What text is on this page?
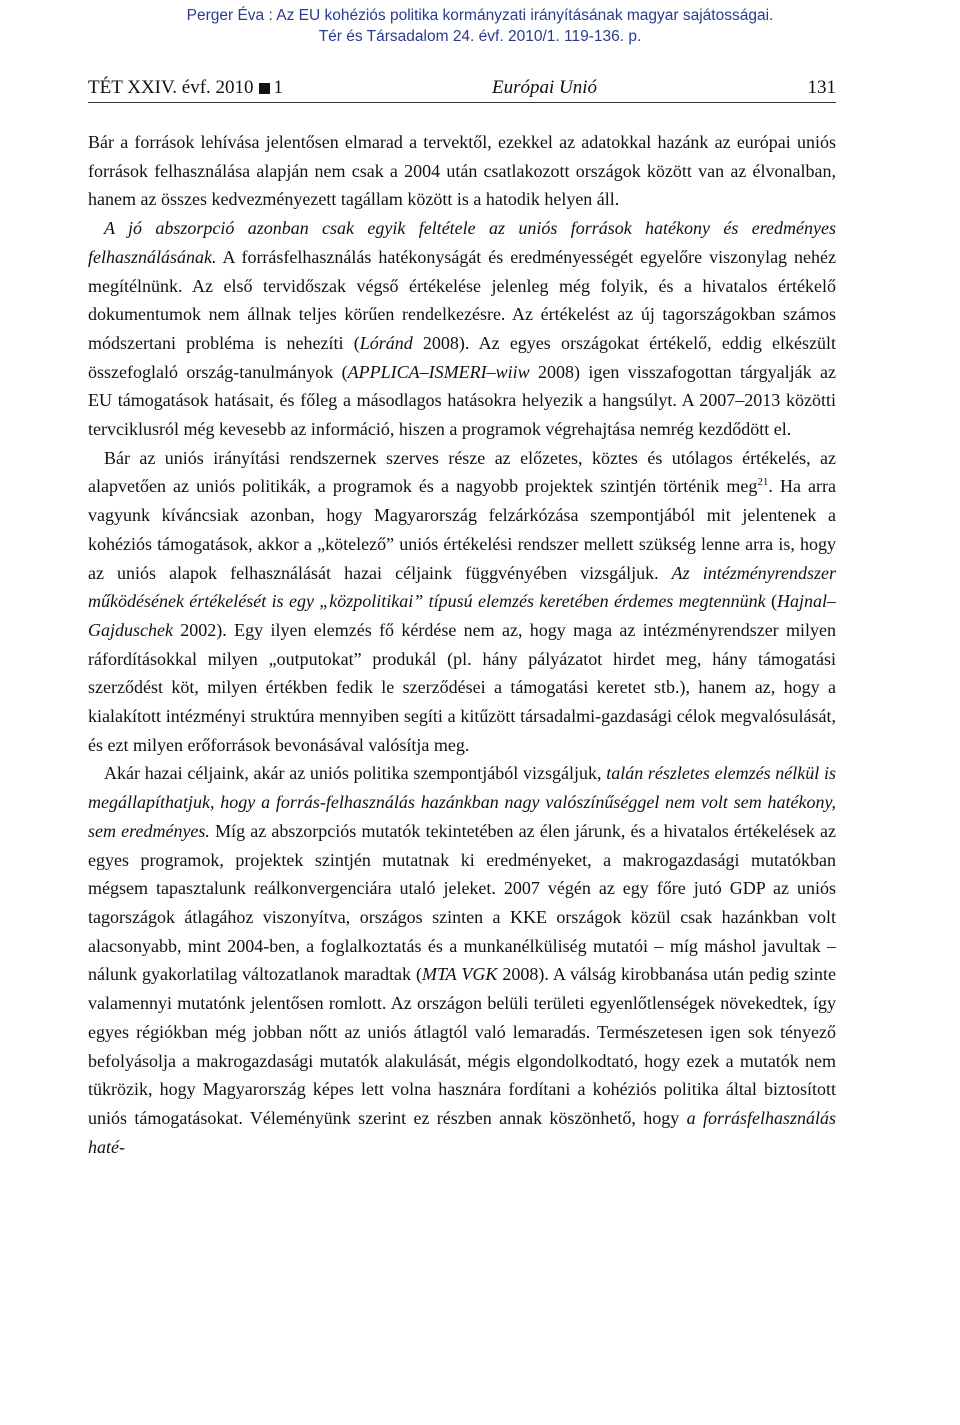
Perger Éva : Az EU kohéziós politika kormányzati irányításának magyar sajátosságai.
Tér és Társadalom 24. évf. 2010/1. 119-136. p.
TÉT XXIV. évf. 2010 1	Európai Unió	131

Bár a források lehívása jelentősen elmarad a tervektől, ezekkel az adatokkal hazánk az európai uniós források felhasználása alapján nem csak a 2004 után csatlakozott országok között van az élvonalban, hanem az összes kedvezményezett tagállam között is a hatodik helyen áll.

A jó abszorpció azonban csak egyik feltétele az uniós források hatékony és eredményes felhasználásának. A forrásfelhasználás hatékonyságát és eredményességét egyelőre viszonylag nehéz megítélnünk. Az első tervidőszak végső értékelése jelenleg még folyik, és a hivatalos értékelő dokumentumok nem állnak teljes körűen rendelkezésre. Az értékelést az új tagországokban számos módszertani probléma is nehezíti (Lóránd 2008). Az egyes országokat értékelő, eddig elkészült összefoglaló ország-tanulmányok (APPLICA–ISMERI–wiiw 2008) igen visszafogottan tárgyalják az EU támogatások hatásait, és főleg a másodlagos hatásokra helyezik a hangsúlyt. A 2007–2013 közötti tervciklusról még kevesebb az információ, hiszen a programok végrehajtása nemrég kezdődött el.

Bár az uniós irányítási rendszernek szerves része az előzetes, köztes és utólagos értékelés, az alapvetően az uniós politikák, a programok és a nagyobb projektek szintjén történik meg$^{21}$. Ha arra vagyunk kíváncsiak azonban, hogy Magyarország felzárkózása szempontjából mit jelentenek a kohéziós támogatások, akkor a „kötelező” uniós értékelési rendszer mellett szükség lenne arra is, hogy az uniós alapok felhasználását hazai céljaink függvényében vizsgáljuk. Az intézményrendszer működésének értékelését is egy „közpolitikai” típusú elemzés keretében érdemes megtennünk (Hajnal–Gajduschek 2002). Egy ilyen elemzés fő kérdése nem az, hogy maga az intézményrendszer milyen ráfordításokkal milyen „outputokat” produkál (pl. hány pályázatot hirdet meg, hány támogatási szerződést köt, milyen értékben fedik le szerződései a támogatási keretet stb.), hanem az, hogy a kialakított intézményi struktúra mennyiben segíti a kitűzött társadalmi-gazdasági célok megvalósulását, és ezt milyen erőforrások bevonásával valósítja meg.

Akár hazai céljaink, akár az uniós politika szempontjából vizsgáljuk, talán részletes elemzés nélkül is megállapíthatjuk, hogy a forrás-felhasználás hazánkban nagy valószínűséggel nem volt sem hatékony, sem eredményes. Míg az abszorpciós mutatók tekintetében az élen járunk, és a hivatalos értékelések az egyes programok, projektek szintjén mutatnak ki eredményeket, a makrogazdasági mutatókban mégsem tapasztalunk reálkonvergenciára utaló jeleket. 2007 végén az egy főre jutó GDP az uniós tagországok átlagához viszonyítva, országos szinten a KKE országok közül csak hazánkban volt alacsonyabb, mint 2004-ben, a foglalkoztatás és a munkanélküliség mutatói – míg máshol javultak – nálunk gyakorlatilag változatlanok maradtak (MTA VGK 2008). A válság kirobbanása után pedig szinte valamennyi mutatónk jelentősen romlott. Az országon belüli területi egyenlőtlenségek növekedtek, így egyes régiókban még jobban nőtt az uniós átlagtól való lemaradás. Természetesen igen sok tényező befolyásolja a makrogazdasági mutatók alakulását, mégis elgondolkodtató, hogy ezek a mutatók nem tükrözik, hogy Magyarország képes lett volna hasznára fordítani a kohéziós politika által biztosított uniós támogatásokat. Véleményünk szerint ez részben annak köszönhető, hogy a forrásfelhasználás haté-
